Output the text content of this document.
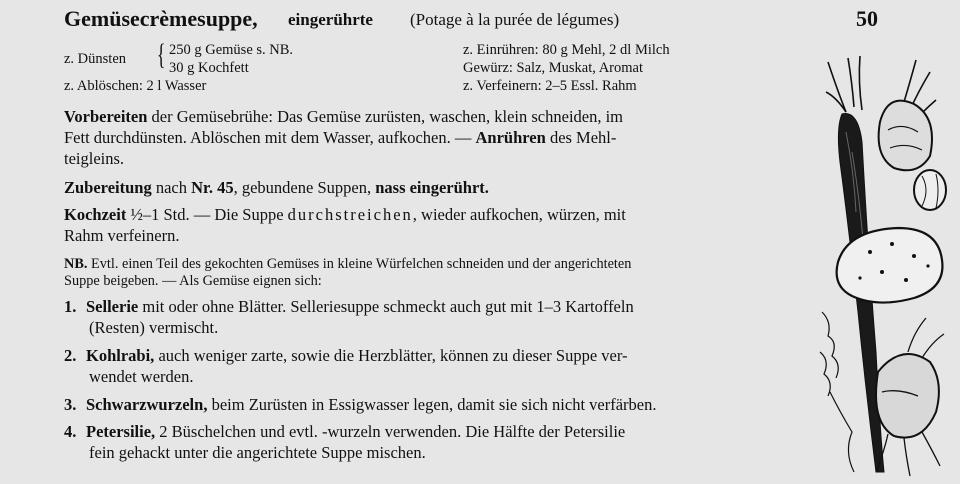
Gemüsecrèmesuppe, eingerührte (Potage à la purée de légumes)	50
z. Dünsten { 250 g Gemüse s. NB.
30 g Kochfett
z. Ablöschen: 2 l Wasser
z. Einrühren: 80 g Mehl, 2 dl Milch
Gewürz: Salz, Muskat, Aromat
z. Verfeinern: 2–5 Essl. Rahm
Vorbereiten der Gemüsebrühe: Das Gemüse zurüsten, waschen, klein schneiden, im
Fett durchdünsten. Ablöschen mit dem Wasser, aufkochen. — Anrühren des Mehl-
teigleins.
Zubereitung nach Nr. 45, gebundene Suppen, nass eingerührt.
Kochzeit ½–1 Std. — Die Suppe durchstreichen, wieder aufkochen, würzen, mit
Rahm verfeinern.
NB. Evtl. einen Teil des gekochten Gemüses in kleine Würfelchen schneiden und der angerichteten
Suppe beigeben. — Als Gemüse eignen sich:
1. Sellerie mit oder ohne Blätter. Selleriesuppe schmeckt auch gut mit 1–3 Kartoffeln
(Resten) vermischt.
2. Kohlrabi, auch weniger zarte, sowie die Herzblätter, können zu dieser Suppe ver-
wendet werden.
3. Schwarzwurzeln, beim Zurüsten in Essigwasser legen, damit sie sich nicht verfärben.
4. Petersilie, 2 Büschelchen und evtl. -wurzeln verwenden. Die Hälfte der Petersilie
fein gehackt unter die angerichtete Suppe mischen.
